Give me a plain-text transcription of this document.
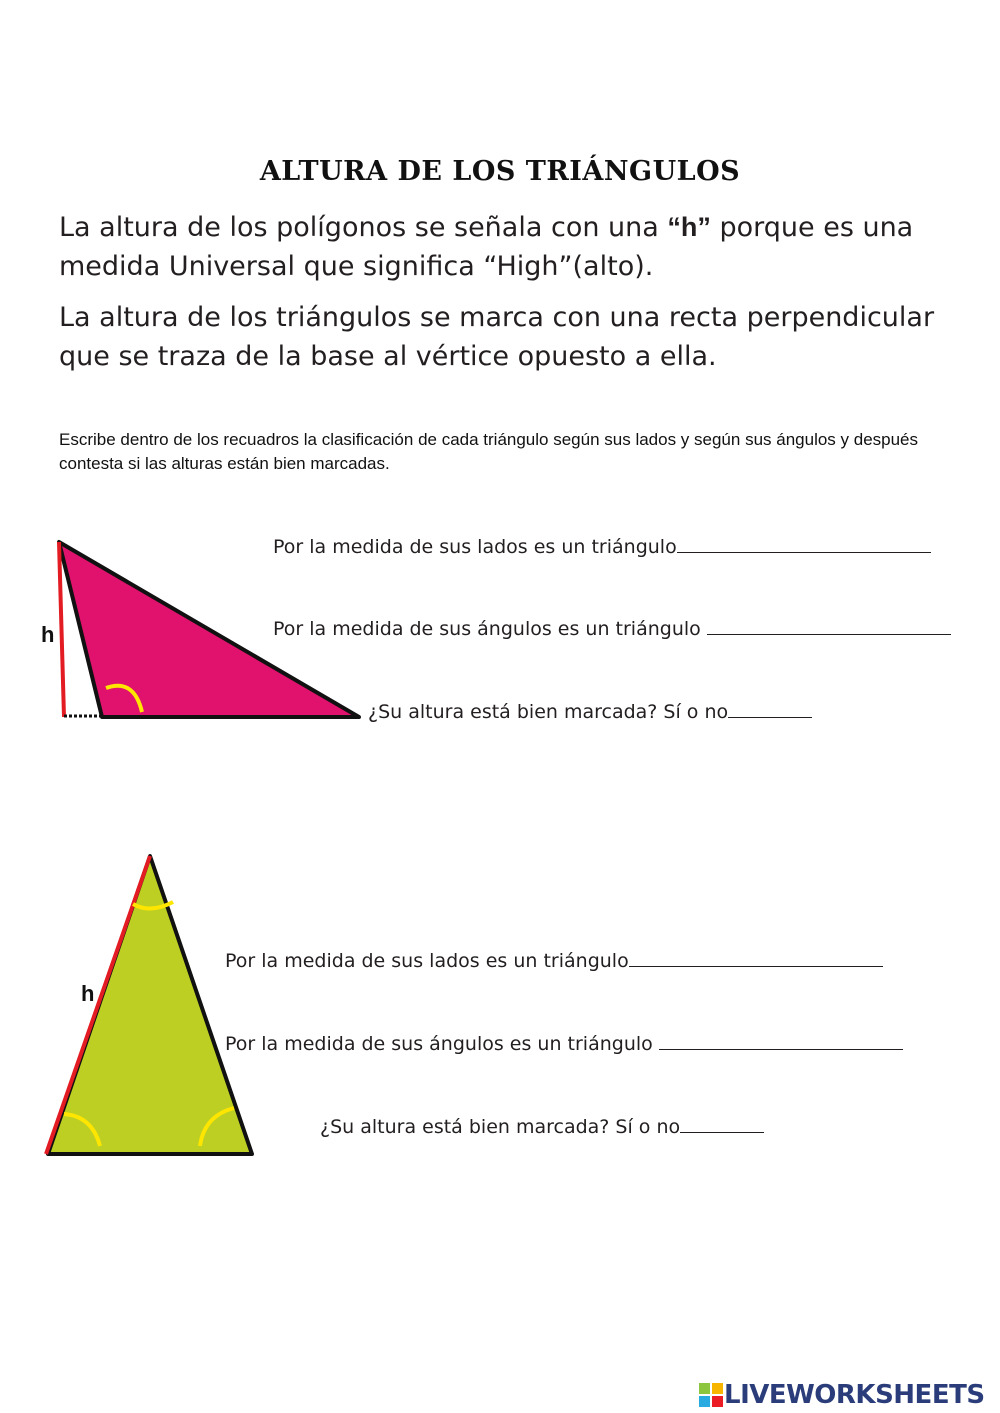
ALTURA DE LOS TRIÁNGULOS
La altura de los polígonos se señala con una “h” porque es una medida Universal que significa “High”(alto).
La altura de los triángulos se marca con una recta perpendicular que se traza de la base al vértice opuesto a ella.
Escribe dentro de los recuadros la clasificación de cada triángulo según sus lados y según sus ángulos y después contesta si las alturas están bien marcadas.
h
Por la medida de sus lados es un triángulo
Por la medida de sus ángulos es un triángulo
¿Su altura está bien marcada? Sí o no
h
Por la medida de sus lados es un triángulo
Por la medida de sus ángulos es un triángulo
¿Su altura está bien marcada? Sí o no
LIVEWORKSHEETS
